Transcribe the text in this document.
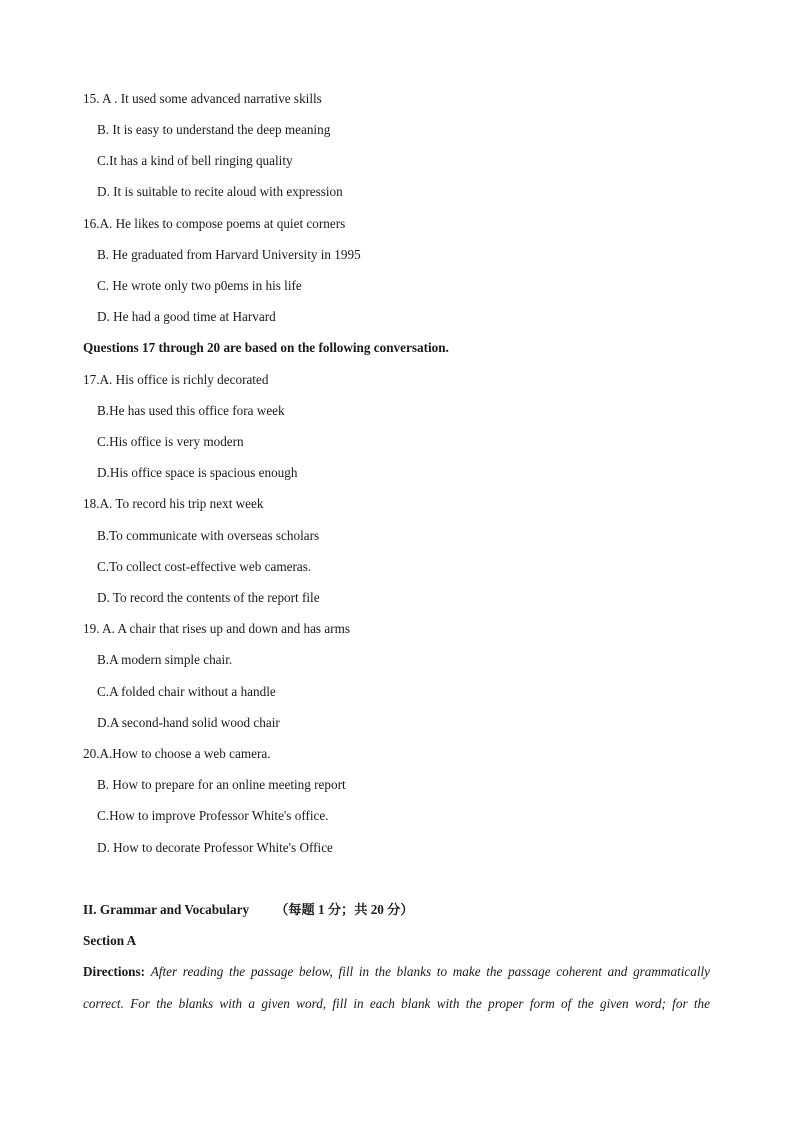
15. A . It used some advanced narrative skills
B. It is easy to understand the deep meaning
C.It has a kind of bell ringing quality
D. It is suitable to recite aloud with expression
16.A. He likes to compose poems at quiet corners
B. He graduated from Harvard University in 1995
C. He wrote only two p0ems in his life
D. He had a good time at Harvard
Questions 17 through 20 are based on the following conversation.
17.A. His office is richly decorated
B.He has used this office fora week
C.His office is very modern
D.His office space is spacious enough
18.A. To record his trip next week
B.To communicate with overseas scholars
C.To collect cost-effective web cameras.
D. To record the contents of the report file
19. A. A chair that rises up and down and has arms
B.A modern simple chair.
C.A folded chair without a handle
D.A second-hand solid wood chair
20.A.How to choose a web camera.
B. How to prepare for an online meeting report
C.How to improve Professor White's office.
D. How to decorate Professor White's Office
II. Grammar and Vocabulary （每题 1 分；共 20 分）
Section A
Directions: After reading the passage below, fill in the blanks to make the passage coherent and grammatically
correct. For the blanks with a given word, fill in each blank with the proper form of the given word; for the
